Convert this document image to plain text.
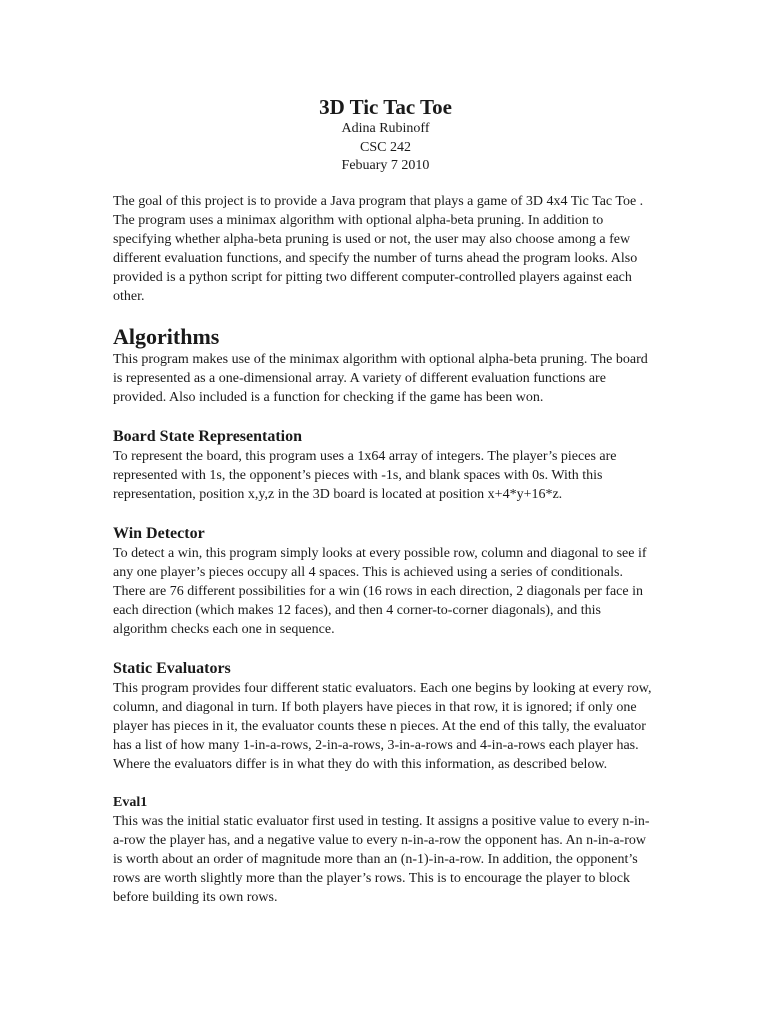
3D Tic Tac Toe
Adina Rubinoff
CSC 242
Febuary 7 2010

The goal of this project is to provide a Java program that plays a game of 3D 4x4 Tic Tac Toe . The program uses a minimax algorithm with optional alpha-beta pruning. In addition to specifying whether alpha-beta pruning is used or not, the user may also choose among a few different evaluation functions, and specify the number of turns ahead the program looks. Also provided is a python script for pitting two different computer-controlled players against each other.

Algorithms

This program makes use of the minimax algorithm with optional alpha-beta pruning. The board is represented as a one-dimensional array. A variety of different evaluation functions are provided. Also included is a function for checking if the game has been won.

Board State Representation

To represent the board, this program uses a 1x64 array of integers. The player’s pieces are represented with 1s, the opponent’s pieces with -1s, and blank spaces with 0s. With this representation, position x,y,z in the 3D board is located at position x+4*y+16*z.

Win Detector

To detect a win, this program simply looks at every possible row, column and diagonal to see if any one player’s pieces occupy all 4 spaces. This is achieved using a series of conditionals. There are 76 different possibilities for a win (16 rows in each direction, 2 diagonals per face in each direction (which makes 12 faces), and then 4 corner-to-corner diagonals), and this algorithm checks each one in sequence.

Static Evaluators

This program provides four different static evaluators. Each one begins by looking at every row, column, and diagonal in turn. If both players have pieces in that row, it is ignored; if only one player has pieces in it, the evaluator counts these n pieces. At the end of this tally, the evaluator has a list of how many 1-in-a-rows, 2-in-a-rows, 3-in-a-rows and 4-in-a-rows each player has. Where the evaluators differ is in what they do with this information, as described below.

Eval1

This was the initial static evaluator first used in testing. It assigns a positive value to every n-in-a-row the player has, and a negative value to every n-in-a-row the opponent has. An n-in-a-row is worth about an order of magnitude more than an (n-1)-in-a-row. In addition, the opponent’s rows are worth slightly more than the player’s rows. This is to encourage the player to block before building its own rows.
